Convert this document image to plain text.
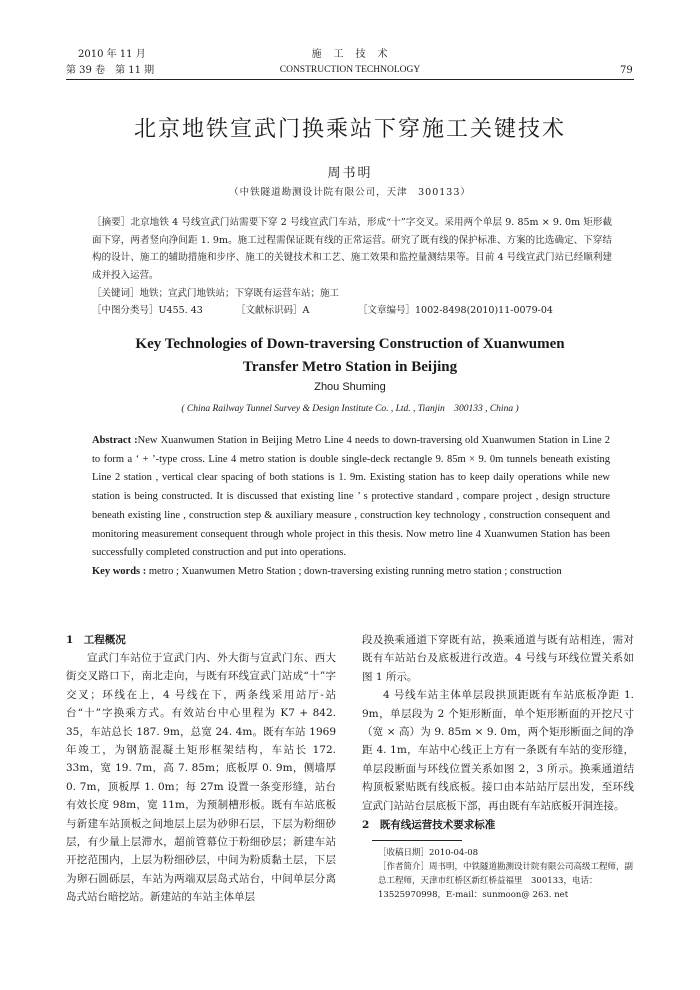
2010 年 11 月
第 39 卷　第 11 期
施　工　技　术
CONSTRUCTION TECHNOLOGY	79
北京地铁宣武门换乘站下穿施工关键技术
周书明
（中铁隧道勘测设计院有限公司，天津　300133）
［摘要］北京地铁 4 号线宣武门站需要下穿 2 号线宣武门车站，形成“十”字交叉。采用两个单层 9. 85m × 9. 0m 矩形截面下穿，两者竖向净间距 1. 9m。施工过程需保证既有线的正常运营。研究了既有线的保护标准、方案的比选确定、下穿结构的设计、施工的辅助措施和步序、施工的关键技术和工艺、施工效果和监控量测结果等。目前 4 号线宣武门站已经顺利建成并投入运营。
［关键词］地铁；宣武门地铁站；下穿既有运营车站；施工
［中图分类号］U455. 43	［文献标识码］A	［文章编号］1002-8498(2010)11-0079-04
Key Technologies of Down-traversing Construction of Xuanwumen
Transfer Metro Station in Beijing
Zhou Shuming
( China Railway Tunnel Survey & Design Institute Co. , Ltd. , Tianjin　300133 , China )
Abstract :New Xuanwumen Station in Beijing Metro Line 4 needs to down-traversing old Xuanwumen Station in Line 2 to form a ‘ + ’-type cross. Line 4 metro station is double single-deck rectangle 9. 85m × 9. 0m tunnels beneath existing Line 2 station , vertical clear spacing of both stations is 1. 9m. Existing station has to keep daily operations while new station is being constructed. It is discussed that existing line ’ s protective standard , compare project , design structure beneath existing line , construction step & auxiliary measure , construction key technology , construction consequent and monitoring measurement consequent through whole project in this thesis. Now metro line 4 Xuanwumen Station has been successfully completed construction and put into operations.
Key words : metro ; Xuanwumen Metro Station ; down-traversing existing running metro station ; construction
1　工程概况

宣武门车站位于宣武门内、外大街与宣武门东、西大街交叉路口下，南北走向，与既有环线宣武门站成“十”字交叉；环线在上，4 号线在下，两条线采用站厅-站台“十”字换乘方式。有效站台中心里程为 K7 + 842. 35，车站总长 187. 9m，总宽 24. 4m。既有车站 1969 年竣工，为钢筋混凝土矩形框架结构，车站长 172. 33m，宽 19. 7m，高 7. 85m；底板厚 0. 9m，侧墙厚 0. 7m，顶板厚 1. 0m；每 27m 设置一条变形缝，站台有效长度 98m，宽 11m，为预制槽形板。既有车站底板与新建车站顶板之间地层上层为砂卵石层，下层为粉细砂层，有少量上层滞水，超前管幕位于粉细砂层；新建车站开挖范围内，上层为粉细砂层，中间为粉质黏土层，下层为卵石圆砾层，车站为两端双层岛式站台，中间单层分离岛式站台暗挖站。新建站的车站主体单层

段及换乘通道下穿既有站，换乘通道与既有站相连，需对既有车站站台及底板进行改造。4 号线与环线位置关系如图 1 所示。

4 号线车站主体单层段拱顶距既有车站底板净距 1. 9m，单层段为 2 个矩形断面，单个矩形断面的开挖尺寸（宽 × 高）为 9. 85m × 9. 0m，两个矩形断面之间的净距 4. 1m，车站中心线正上方有一条既有车站的变形缝，单层段断面与环线位置关系如图 2，3 所示。换乘通道结构顶板紧贴既有线底板。接口由本站站厅层出发，至环线宣武门站站台层底板下部，再由既有车站底板开洞连接。

2　既有线运营技术要求标准
［收稿日期］2010-04-08
［作者简介］周书明，中铁隧道勘测设计院有限公司高级工程师，副总工程师，天津市红桥区新红桥益福里　300133，电话：13525970998，E-mail：sunmoon@ 263. net
